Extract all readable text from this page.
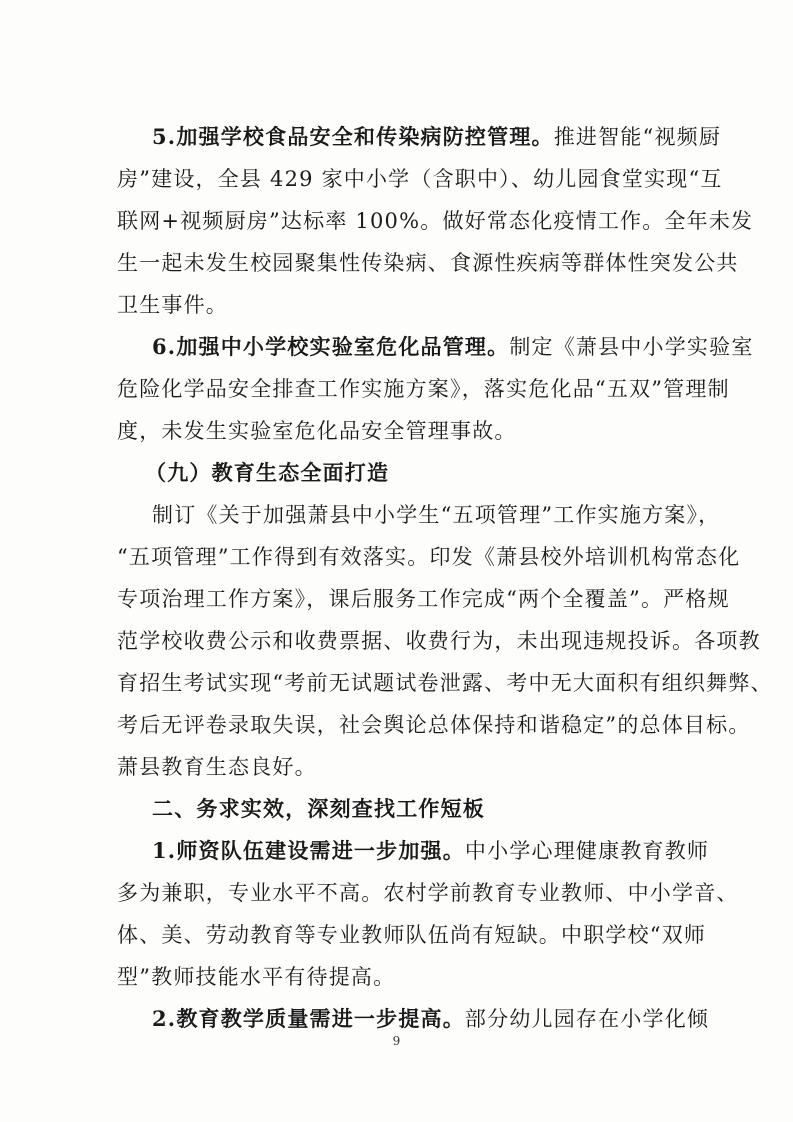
5.加强学校食品安全和传染病防控管理。推进智能“视频厨
房”建设，全县 429 家中小学（含职中）、幼儿园食堂实现“互
联网+视频厨房”达标率 100%。做好常态化疫情工作。全年未发
生一起未发生校园聚集性传染病、食源性疾病等群体性突发公共
卫生事件。
6.加强中小学校实验室危化品管理。制定《萧县中小学实验室
危险化学品安全排查工作实施方案》，落实危化品“五双”管理制
度，未发生实验室危化品安全管理事故。
（九）教育生态全面打造
制订《关于加强萧县中小学生“五项管理”工作实施方案》，
“五项管理”工作得到有效落实。印发《萧县校外培训机构常态化
专项治理工作方案》，课后服务工作完成“两个全覆盖”。严格规
范学校收费公示和收费票据、收费行为，未出现违规投诉。各项教
育招生考试实现“考前无试题试卷泄露、考中无大面积有组织舞弊、
考后无评卷录取失误，社会舆论总体保持和谐稳定”的总体目标。
萧县教育生态良好。
二、务求实效，深刻查找工作短板
1.师资队伍建设需进一步加强。中小学心理健康教育教师
多为兼职，专业水平不高。农村学前教育专业教师、中小学音、
体、美、劳动教育等专业教师队伍尚有短缺。中职学校“双师
型”教师技能水平有待提高。
2.教育教学质量需进一步提高。部分幼儿园存在小学化倾
9
